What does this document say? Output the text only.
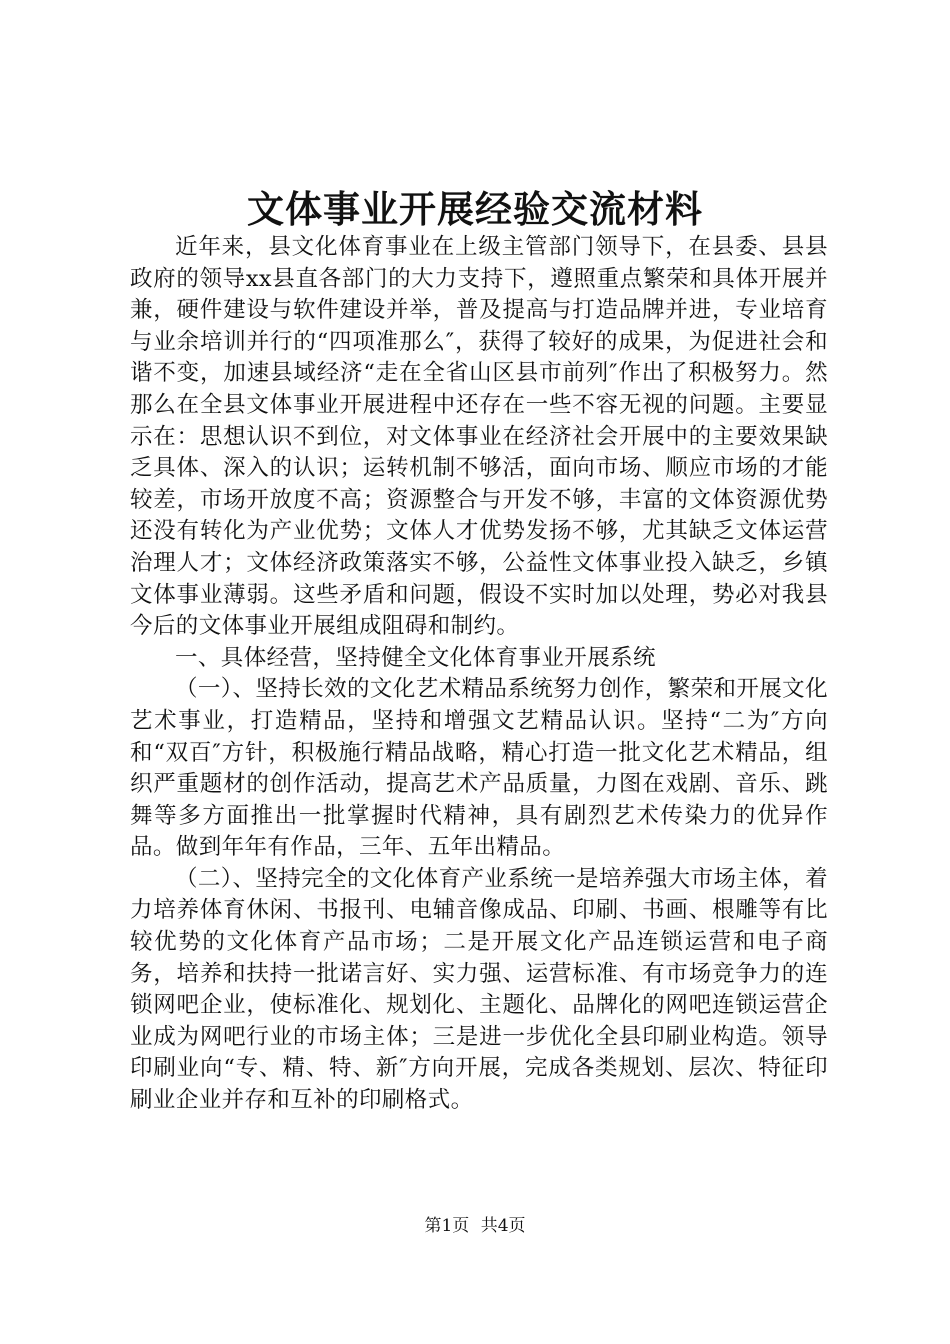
文体事业开展经验交流材料

近年来，县文化体育事业在上级主管部门领导下，在县委、县县政府的领导xx县直各部门的大力支持下，遵照重点繁荣和具体开展并兼，硬件建设与软件建设并举，普及提高与打造品牌并进，专业培育与业余培训并行的“四项准那么″，获得了较好的成果，为促进社会和谐不变，加速县域经济“走在全省山区县市前列″作出了积极努力。然那么在全县文体事业开展进程中还存在一些不容无视的问题。主要显示在：思想认识不到位，对文体事业在经济社会开展中的主要效果缺乏具体、深入的认识；运转机制不够活，面向市场、顺应市场的才能较差，市场开放度不高；资源整合与开发不够，丰富的文体资源优势还没有转化为产业优势；文体人才优势发扬不够，尤其缺乏文体运营治理人才；文体经济政策落实不够，公益性文体事业投入缺乏，乡镇文体事业薄弱。这些矛盾和问题，假设不实时加以处理，势必对我县今后的文体事业开展组成阻碍和制约。

一、具体经营，坚持健全文化体育事业开展系统

（一）、坚持长效的文化艺术精品系统努力创作，繁荣和开展文化艺术事业，打造精品，坚持和增强文艺精品认识。坚持“二为″方向和“双百″方针，积极施行精品战略，精心打造一批文化艺术精品，组织严重题材的创作活动，提高艺术产品质量，力图在戏剧、音乐、跳舞等多方面推出一批掌握时代精神，具有剧烈艺术传染力的优异作品。做到年年有作品，三年、五年出精品。

（二）、坚持完全的文化体育产业系统一是培养强大市场主体，着力培养体育休闲、书报刊、电辅音像成品、印刷、书画、根雕等有比较优势的文化体育产品市场；二是开展文化产品连锁运营和电子商务，培养和扶持一批诺言好、实力强、运营标准、有市场竞争力的连锁网吧企业，使标准化、规划化、主题化、品牌化的网吧连锁运营企业成为网吧行业的市场主体；三是进一步优化全县印刷业构造。领导印刷业向“专、精、特、新″方向开展，完成各类规划、层次、特征印刷业企业并存和互补的印刷格式。

第1页 共4页
